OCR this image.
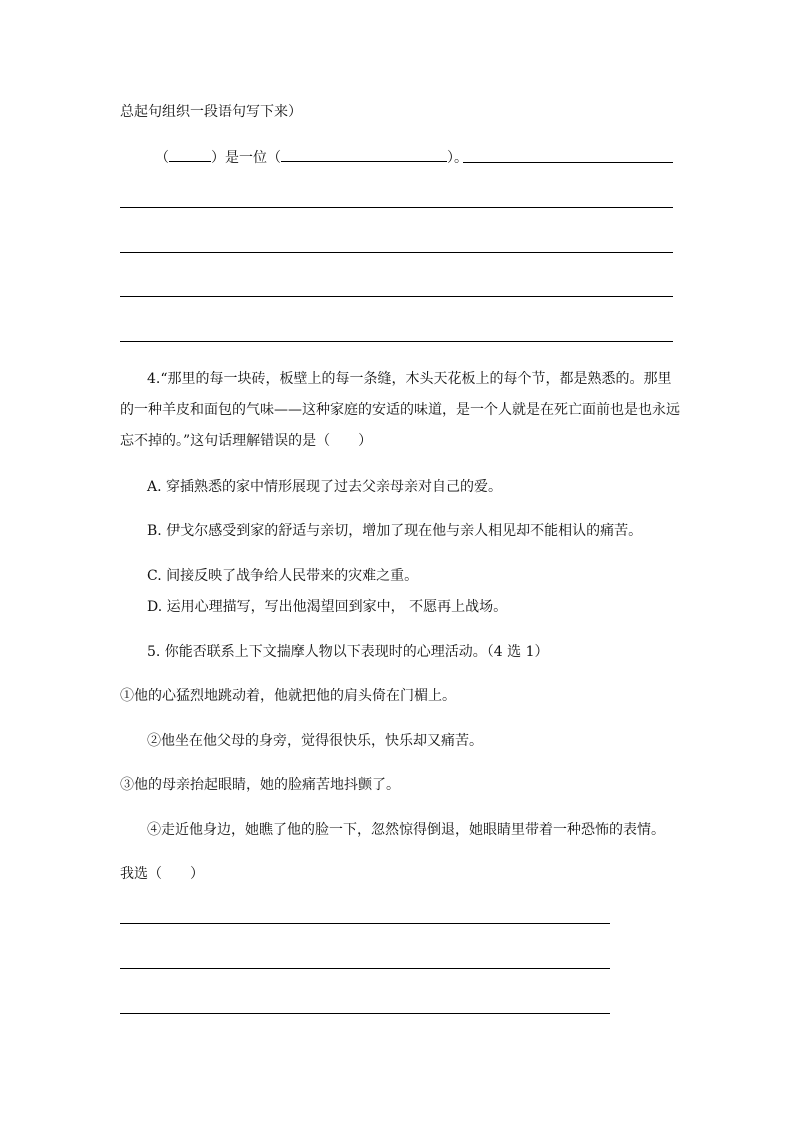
总起句组织一段语句写下来）
（	）是一位（	）。
4.“那里的每一块砖，板壁上的每一条缝，木头天花板上的每个节，都是熟悉的。那里
的一种羊皮和面包的气味——这种家庭的安适的味道，是一个人就是在死亡面前也是也永远
忘不掉的。”这句话理解错误的是（　　）
A. 穿插熟悉的家中情形展现了过去父亲母亲对自己的爱。
B. 伊戈尔感受到家的舒适与亲切，增加了现在他与亲人相见却不能相认的痛苦。
C. 间接反映了战争给人民带来的灾难之重。
D. 运用心理描写，写出他渴望回到家中， 不愿再上战场。
5. 你能否联系上下文揣摩人物以下表现时的心理活动。（4 选 1）
①他的心猛烈地跳动着，他就把他的肩头倚在门楣上。
②他坐在他父母的身旁，觉得很快乐，快乐却又痛苦。
③他的母亲抬起眼睛，她的脸痛苦地抖颤了。
④走近他身边，她瞧了他的脸一下，忽然惊得倒退，她眼睛里带着一种恐怖的表情。
我选（　　）
